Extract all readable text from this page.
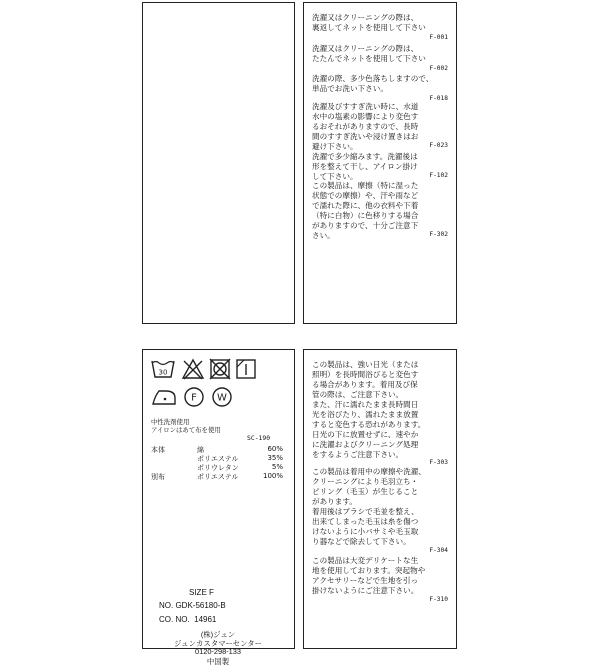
洗濯又はクリーニングの際は、
裏返してネットを使用して下さい
F-001
洗濯又はクリーニングの際は、
たたんでネットを使用して下さい
F-002
洗濯の際、多少色落ちしますので、
単品でお洗い下さい。
F-018
洗濯及びすすぎ洗い時に、水道
水中の塩素の影響により変色す
るおそれがありますので、長時
間のすすぎ洗いや浸け置きはお
避け下さい。	F-023
洗濯で多少縮みます。洗濯後は
形を整えて干し、アイロン掛け
して下さい。	F-102
この製品は、摩擦（特に湿った
状態での摩擦）や、汗や雨など
で濡れた際に、他の衣料や下着
（特に白物）に色移りする場合
がありますので、十分ご注意下
さい。	F-302
30
F W
中性洗剤使用
アイロンはあて布を使用
SC-190
本体	綿	60%
ポリエステル	35%
ポリウレタン	5%
別布	ポリエステル	100%
SIZE F
NO. GDK-56180-B
CO. NO.  14961
(株)ジュン
ジュンカスタマーセンター
0120-298-133
中国製
この製品は、強い日光（または
照明）を長時間浴びると変色す
る場合があります。着用及び保
管の際は、ご注意下さい。
また、汗に濡れたまま長時間日
光を浴びたり、濡れたまま放置
すると変色する恐れがあります。
日光の下に放置せずに、速やか
に洗濯およびクリーニング処理
をするようご注意下さい。
F-303
この製品は着用中の摩擦や洗濯、
クリーニングにより毛羽立ち・
ピリング（毛玉）が生じること
があります。
着用後はブラシで毛並を整え、
出来てしまった毛玉は糸を傷つ
けないように小バサミや毛玉取
り器などで除去して下さい。
F-304
この製品は大変デリケートな生
地を使用しております。突起物や
アクセサリーなどで生地を引っ
掛けないようにご注意下さい。
F-310
